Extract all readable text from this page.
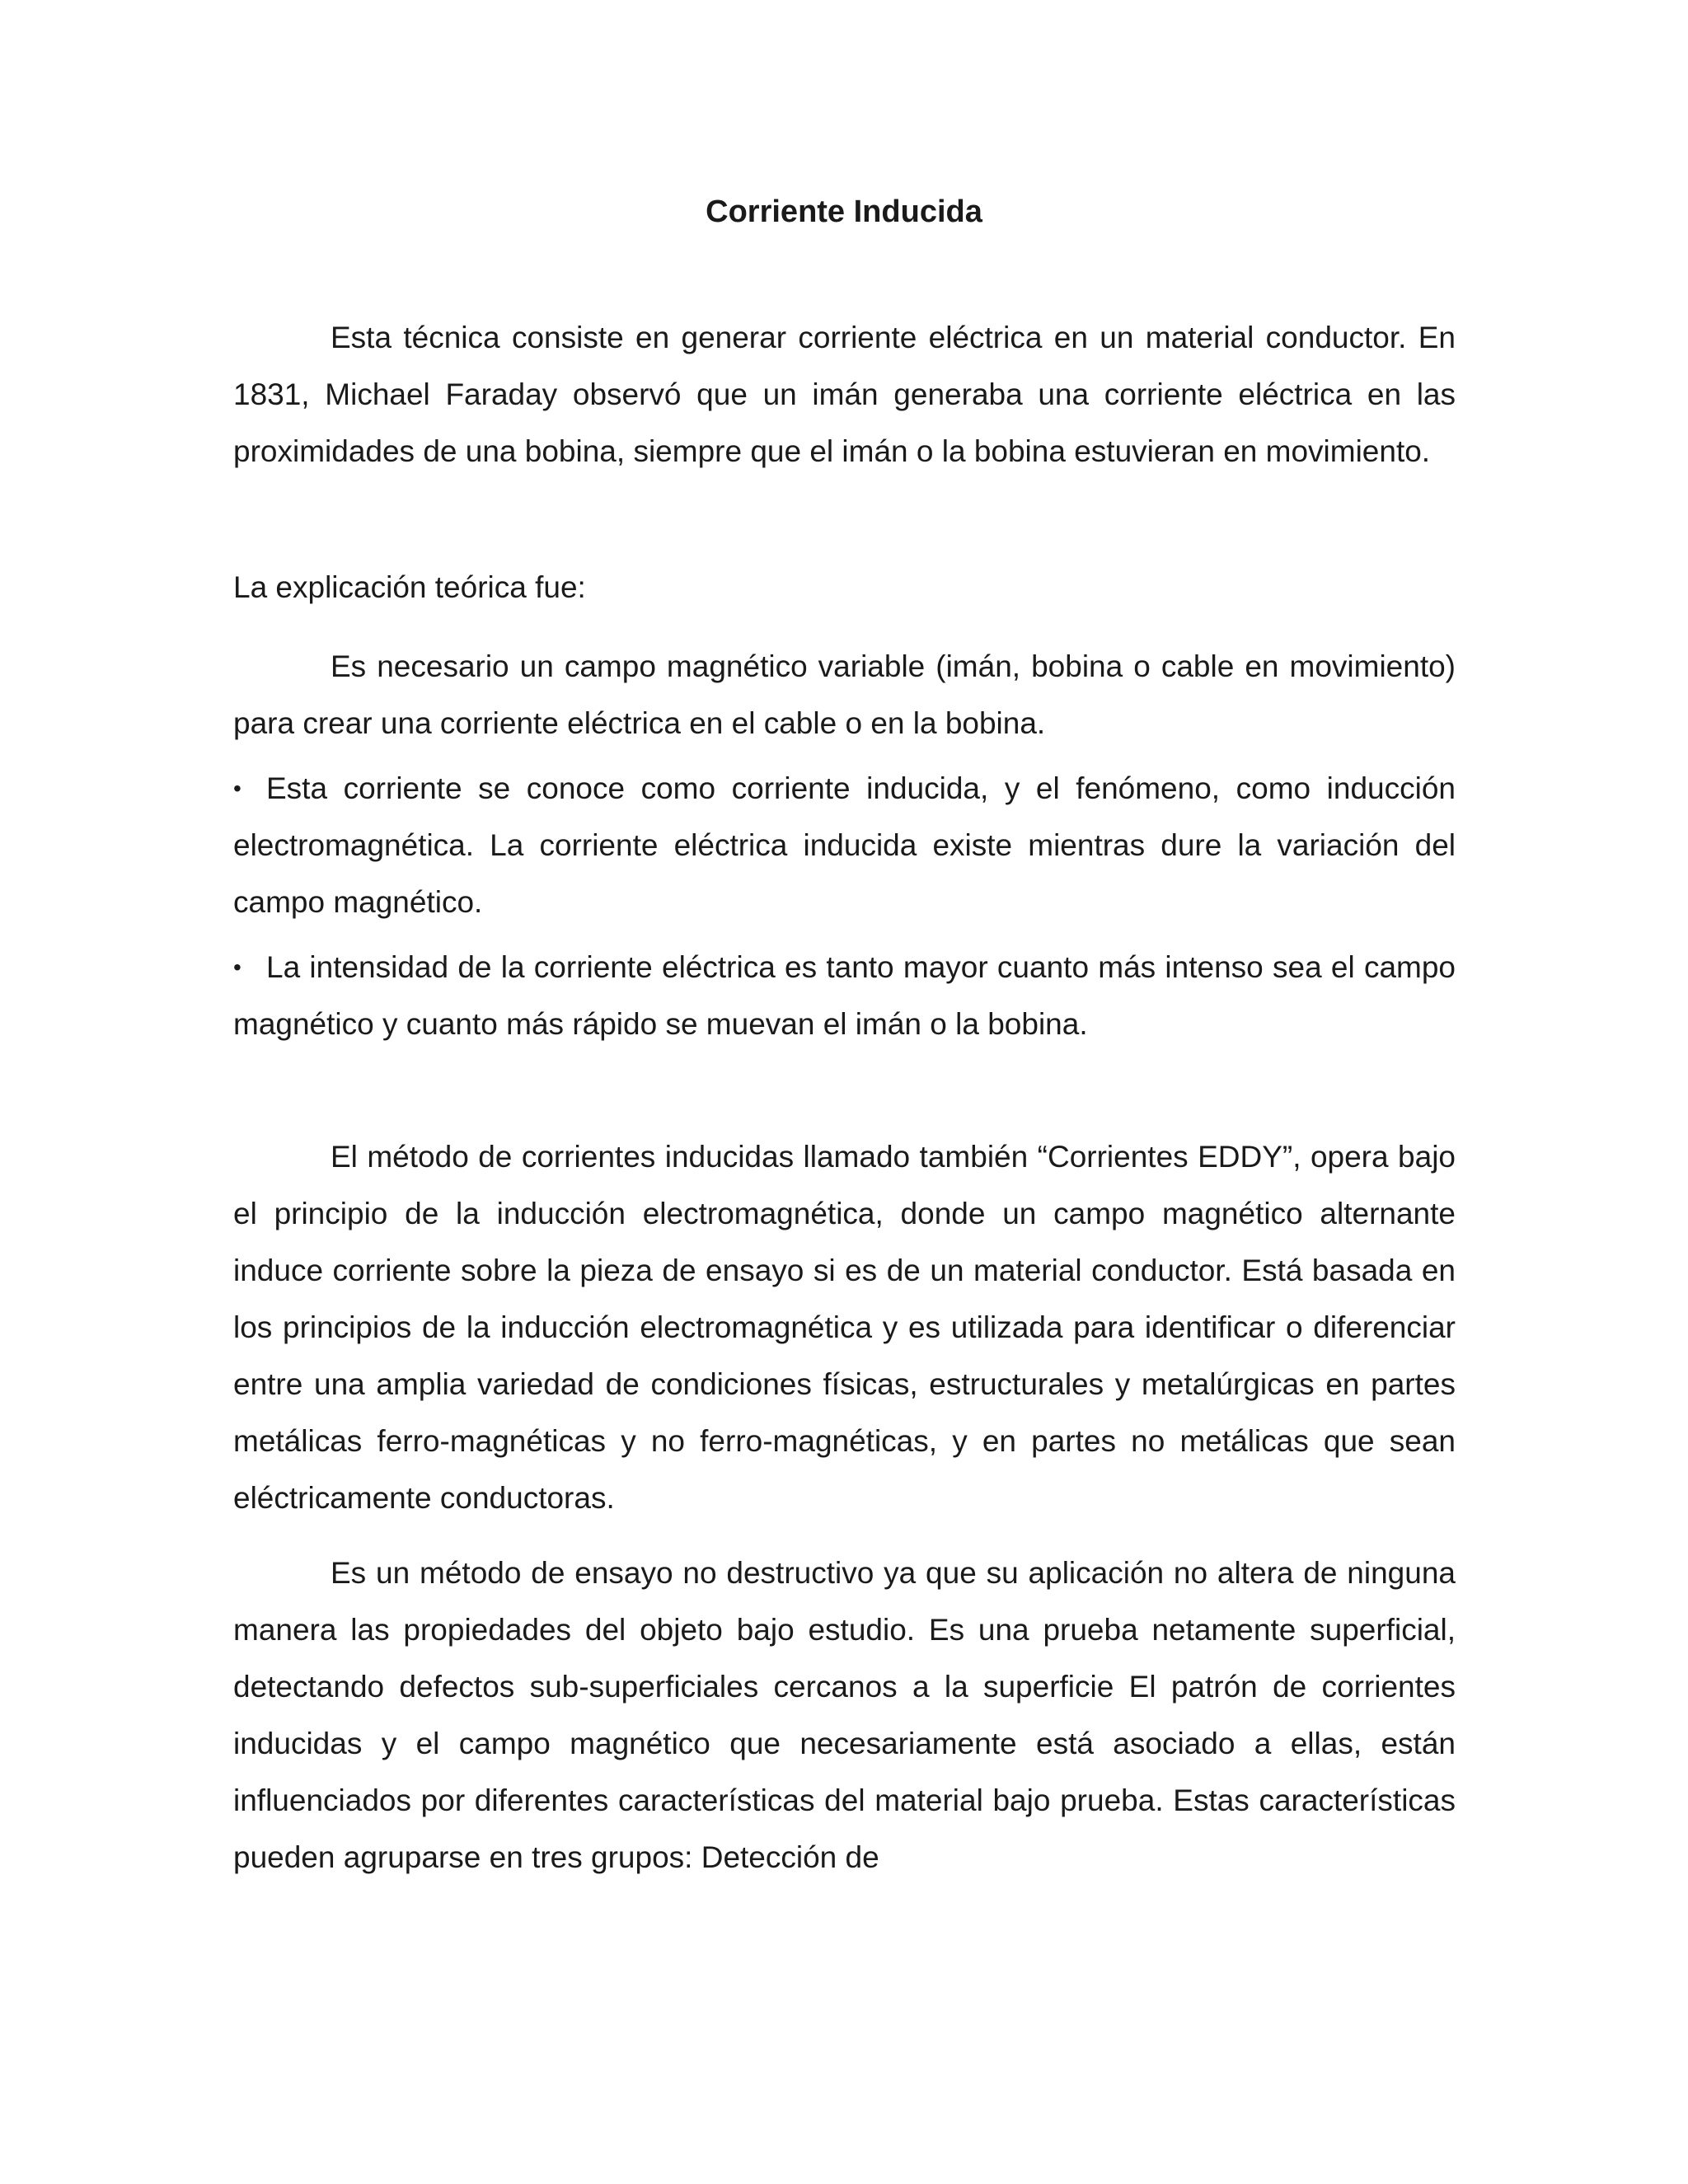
Corriente Inducida

Esta técnica consiste en generar corriente eléctrica en un material conductor. En 1831, Michael Faraday observó que un imán generaba una corriente eléctrica en las proximidades de una bobina, siempre que el imán o la bobina estuvieran en movimiento.

La explicación teórica fue:

Es necesario un campo magnético variable (imán, bobina o cable en movimiento) para crear una corriente eléctrica en el cable o en la bobina.

• Esta corriente se conoce como corriente inducida, y el fenómeno, como inducción electromagnética. La corriente eléctrica inducida existe mientras dure la variación del campo magnético.
• La intensidad de la corriente eléctrica es tanto mayor cuanto más intenso sea el campo magnético y cuanto más rápido se muevan el imán o la bobina.

El método de corrientes inducidas llamado también “Corrientes EDDY”, opera bajo el principio de la inducción electromagnética, donde un campo magnético alternante induce corriente sobre la pieza de ensayo si es de un material conductor. Está basada en los principios de la inducción electromagnética y es utilizada para identificar o diferenciar entre una amplia variedad de condiciones físicas, estructurales y metalúrgicas en partes metálicas ferro-magnéticas y no ferro-magnéticas, y en partes no metálicas que sean eléctricamente conductoras.

Es un método de ensayo no destructivo ya que su aplicación no altera de ninguna manera las propiedades del objeto bajo estudio. Es una prueba netamente superficial, detectando defectos sub-superficiales cercanos a la superficie El patrón de corrientes inducidas y el campo magnético que necesariamente está asociado a ellas, están influenciados por diferentes características del material bajo prueba. Estas características pueden agruparse en tres grupos: Detección de
